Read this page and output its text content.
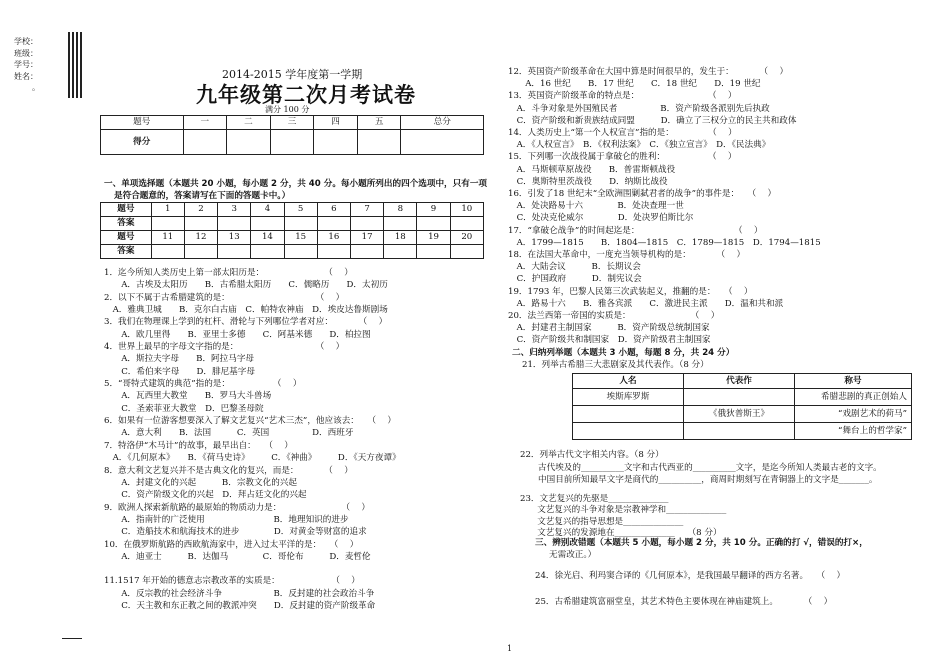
学校：
班级：
学号：
姓名：
。
2014-2015 学年度第一学期
九年级第二次月考试卷
满分 100 分
题号	一	二	三	四	五	总分
得分						
一、单项选择题（本题共 20 小题，每小题 2 分，共 40 分。每小题所列出的四个选项中，只有一项
是符合题意的，答案请写在下面的答题卡中。）
题号	1	2	3	4	5	6	7	8	9	10
答案										
题号	11	12	13	14	15	16	17	18	19	20
答案										
1．迄今所知人类历史上第一部太阳历是：　　　　　　　　（　 ）
　　A．古埃及太阳历　　B．古希腊太阳历　　C．儒略历　　D．太初历
2．以下不属于古希腊建筑的是：　　　　　　　　　　　（　 ）
　A．雅典卫城　　B．克尔白古庙　C．帕特农神庙　D．埃皮达鲁斯剧场
3．我们在物理课上学到的杠杆、滑轮与下列哪位学者对应：　　　　（　 ）
　　A．欧几里得　　B．亚里士多德　　C．阿基米德　　D．柏拉图
4．世界上最早的字母文字指的是：　　　　　　　　　　（　 ）
　　A．斯拉夫字母　　B．阿拉马字母
　　C．希伯来字母　　D．腓尼基字母
5．“哥特式建筑的典范”指的是：　　　　　　（　 ）
　　A．瓦西里大教堂　　B．罗马大斗兽场
　　C．圣索菲亚大教堂　D．巴黎圣母院
6．如果有一位游客想要深入了解文艺复兴“艺术三杰”，他应该去：　　（　 ）
　　A．意大利　　B．法国　　　C．英国　　　　　D．西班牙
7．特洛伊“木马计”的故事，最早出自：　　（　 ）
　A．《几何原本》　　B．《荷马史诗》　　　C．《神曲》　　　D．《天方夜谭》
8．意大利文艺复兴并不是古典文化的复兴，而是：　　　　（　 ）
　　A．封建文化的兴起　　　B．宗教文化的兴起
　　C．资产阶级文化的兴起　D．拜占廷文化的兴起
9．欧洲人探索新航路的最原始的物质动力是：　　　　　　　　（　 ）
　　A．指南针的广泛使用　　　　　　　　B．地理知识的进步
　　C．造船技术和航海技术的进步　　　　D．对黄金等财富的追求
10．在俄罗斯航路的西欧航海家中，进入过太平洋的是：　　（　 ）
　　A．迪亚士　　　B．达伽马　　　　C．哥伦布　　　D．麦哲伦
11.1517 年开始的德意志宗教改革的实质是：　　　　　　　（　 ）
　　A．反宗教的社会经济斗争　　　　　　B．反封建的社会政治斗争
　　C．天主教和东正教之间的教派冲突　　D．反封建的资产阶级革命
12．英国资产阶级革命在大国中算是时间很早的，发生于：　　　　（　 ）
　　A．16 世纪　　B．17 世纪　　C．18 世纪　　D．19 世纪
13．英国资产阶级革命的特点是：　　　　　　　　　（　 ）
　A．斗争对象是外国殖民者　　　　　B．资产阶级各派别先后执政
　C．资产阶级和新贵族结成同盟　　　D．确立了三权分立的民主共和政体
14．人类历史上“第一个人权宣言”指的是：　　　　　（　 ）
　A．《人权宣言》　B．《权利法案》　C．《独立宣言》　D．《民法典》
15．下列哪一次战役属于拿破仑的胜利：　　　　　　（　 ）
　A．马斯顿草原战役　　B．普雷斯顿战役
　C．奥斯特里茨战役　　D．纳斯比战役
16．引发了18 世纪末“全欧洲围剿弑君者的战争”的事件是：　　（　 ）
　A．处决路易十六　　　　B．处决查理一世
　C．处决克伦威尔　　　　D．处决罗伯斯比尔
17．“拿破仑战争”的时间起迄是：　　　　　　　　　　　　（　 ）
　A．1799—1815　　B．1804—1815　C．1789—1815　D．1794—1815
18．在法国大革命中，一度充当领导机构的是：　　　　（　 ）
　A．大陆会议　　　B．长期议会
　C．护国政府　　　D．制宪议会
19．1793 年，巴黎人民第三次武装起义，推翻的是：　　（　 ）
　A．路易十六　　B．雅各宾派　　C．激进民主派　　D．温和共和派
20．法兰西第一帝国的实质是：　　　　　　　　（　 ）
　A．封建君主制国家　　　B．资产阶级总统制国家
　C．资产阶级共和制国家　D．资产阶级君主制国家
二、归纳列举题（本题共 3 小题，每题 8 分，共 24 分）
21．列举古希腊三大悲剧家及其代表作。（8 分）
人名	代表作	称号
埃斯库罗斯		希腊悲剧的真正创始人
	《俄狄普斯王》	“戏剧艺术的荷马”
		“舞台上的哲学家”
22．列举古代文字相关内容。（8 分）
古代埃及的__________文字和古代西亚的__________文字，是迄今所知人类最古老的文字。
中国目前所知最早文字是商代的__________，商周时期刻写在青铜器上的文字是_______。
23．文艺复兴的先驱是______________
　　文艺复兴的斗争对象是宗教神学和______________
　　文艺复兴的指导思想是______________
　　文艺复兴的发源地在______________　　（8 分）
三、辨别改错题（本题共 5 小题，每小题 2 分，共 10 分。正确的打 √，错误的打×，
无需改正。）
24．徐光启、利玛窦合译的《几何原本》，是我国最早翻译的西方名著。　　（　 ）
25．古希腊建筑富丽堂皇，其艺术特色主要体现在神庙建筑上。　　　　（　 ）
1
